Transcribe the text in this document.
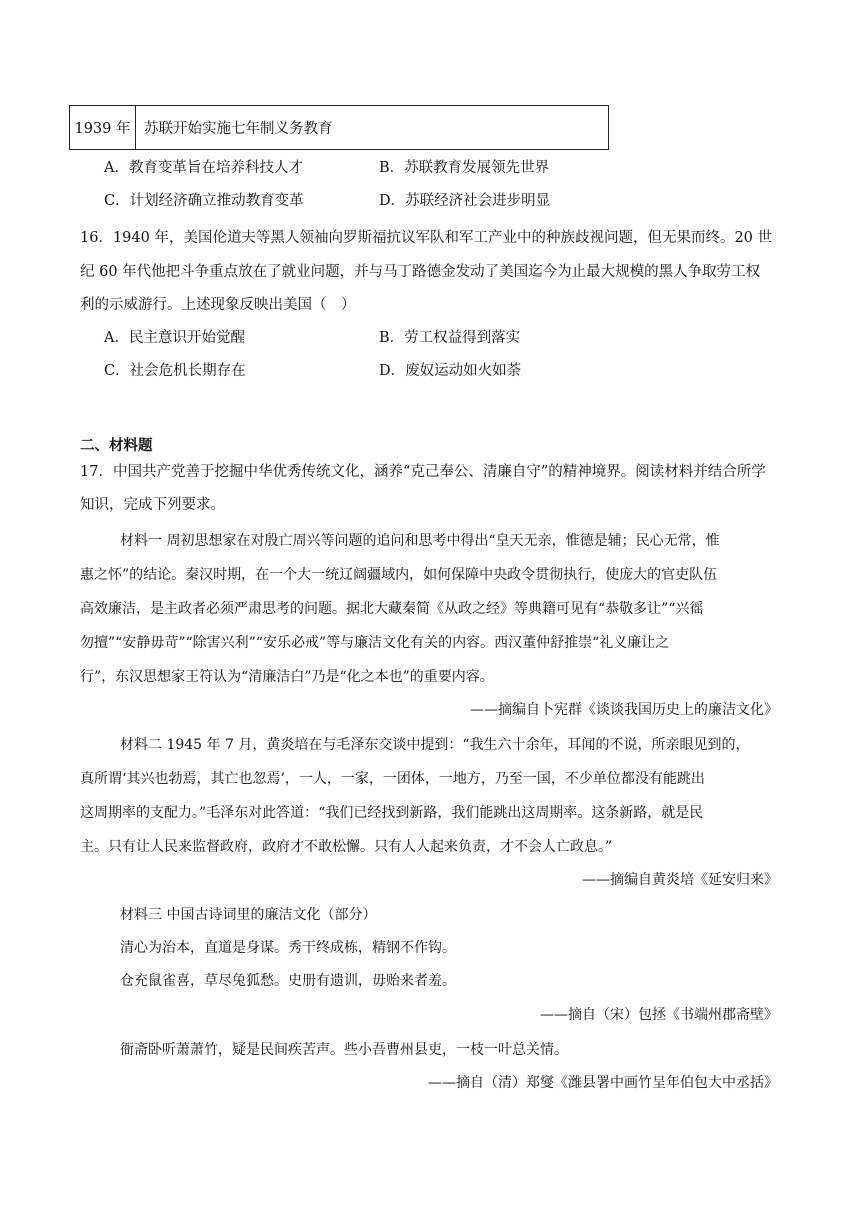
1939 年 苏联开始实施七年制义务教育
A．教育变革旨在培养科技人才	B．苏联教育发展领先世界
C．计划经济确立推动教育变革	D．苏联经济社会进步明显
16．1940 年，美国伦道夫等黑人领袖向罗斯福抗议军队和军工产业中的种族歧视问题，但无果而终。20 世
纪 60 年代他把斗争重点放在了就业问题，并与马丁路德金发动了美国迄今为止最大规模的黑人争取劳工权
利的示威游行。上述现象反映出美国（　）
A．民主意识开始觉醒	B．劳工权益得到落实
C．社会危机长期存在	D．废奴运动如火如荼
二、材料题
17．中国共产党善于挖掘中华优秀传统文化，涵养“克己奉公、清廉自守”的精神境界。阅读材料并结合所学
知识，完成下列要求。
材料一 周初思想家在对殷亡周兴等问题的追问和思考中得出“皇天无亲，惟德是辅；民心无常，惟
惠之怀”的结论。秦汉时期，在一个大一统辽阔疆域内，如何保障中央政令贯彻执行，使庞大的官吏队伍
高效廉洁，是主政者必须严肃思考的问题。据北大藏秦简《从政之经》等典籍可见有“恭敬多让”“兴徭
勿擅”“安静毋苛”“除害兴利”“安乐必戒”等与廉洁文化有关的内容。西汉董仲舒推崇“礼义廉让之
行”，东汉思想家王符认为“清廉洁白”乃是“化之本也”的重要内容。
——摘编自卜宪群《谈谈我国历史上的廉洁文化》
材料二 1945 年 7 月，黄炎培在与毛泽东交谈中提到：“我生六十余年，耳闻的不说，所亲眼见到的，
真所谓‘其兴也勃焉，其亡也忽焉’，一人，一家，一团体，一地方，乃至一国，不少单位都没有能跳出
这周期率的支配力。”毛泽东对此答道：“我们已经找到新路，我们能跳出这周期率。这条新路，就是民
主。只有让人民来监督政府，政府才不敢松懈。只有人人起来负责，才不会人亡政息。”
——摘编自黄炎培《延安归来》
材料三 中国古诗词里的廉洁文化（部分）
清心为治本，直道是身谋。秀干终成栋，精钢不作钩。
仓充鼠雀喜，草尽兔狐愁。史册有遗训，毋贻来者羞。
——摘自（宋）包拯《书端州郡斋壁》
衙斋卧听萧萧竹，疑是民间疾苦声。些小吾曹州县吏，一枝一叶总关情。
——摘自（清）郑燮《潍县署中画竹呈年伯包大中丞括》
